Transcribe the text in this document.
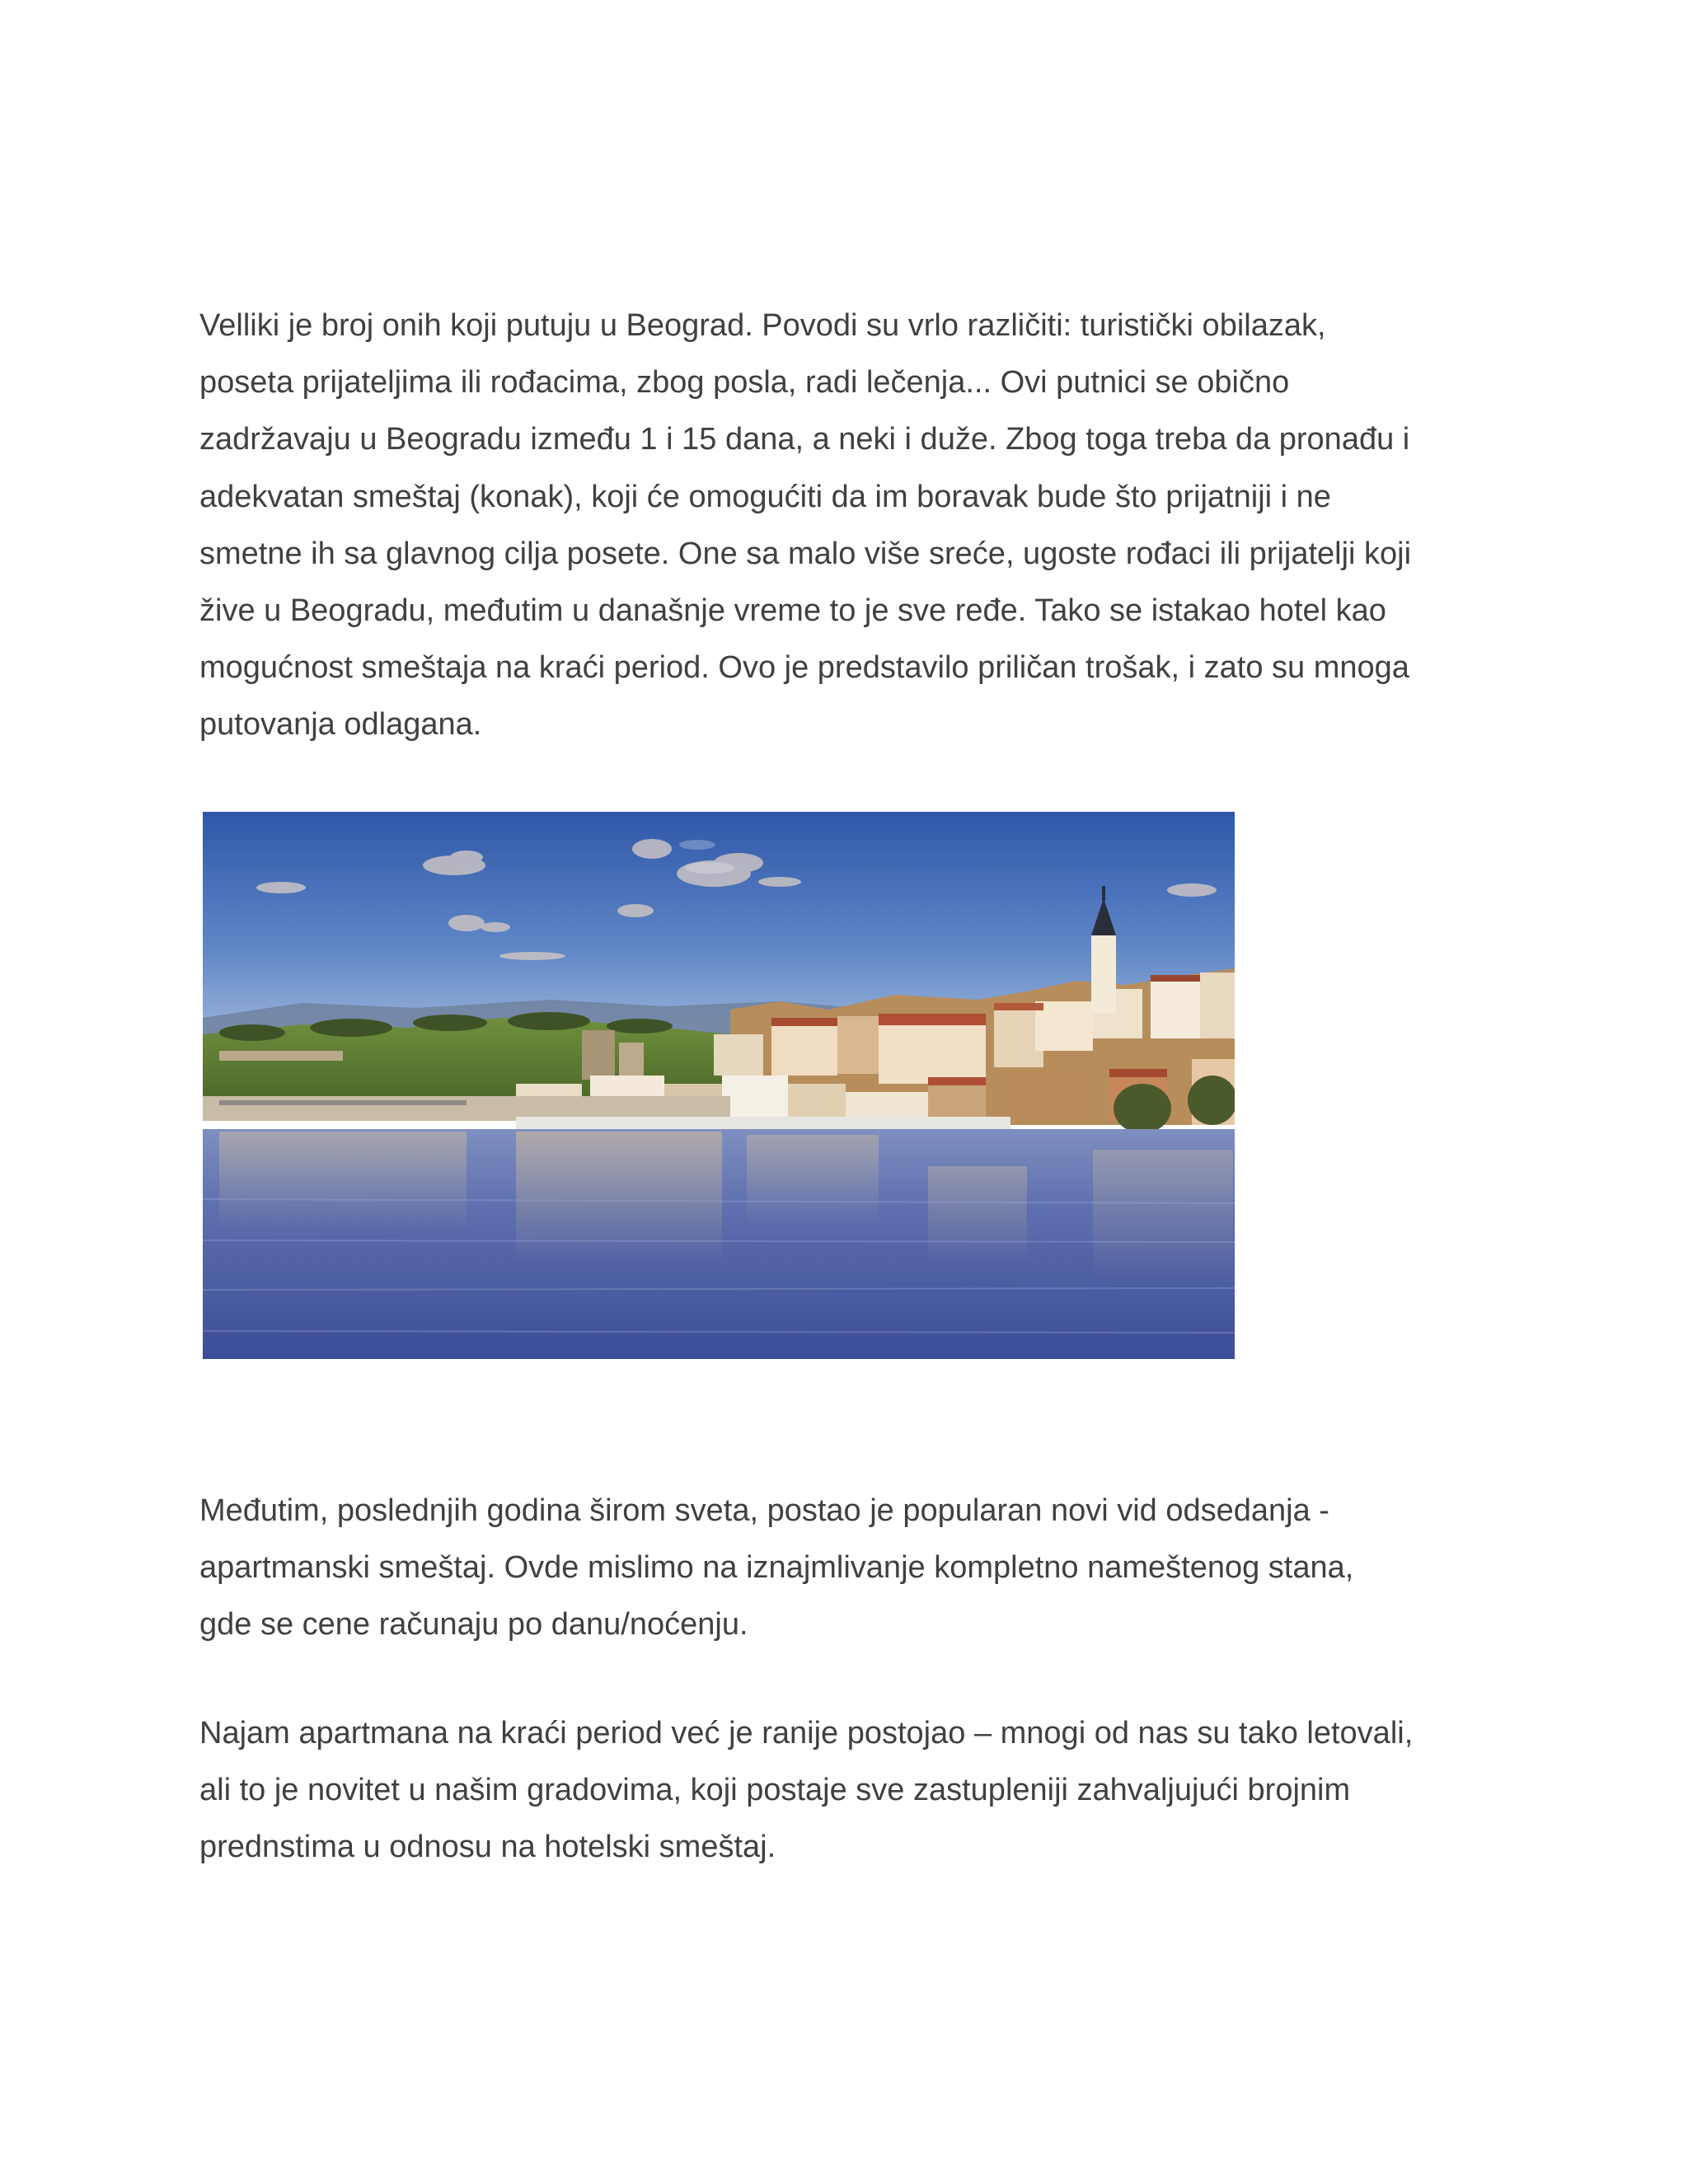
Velliki je broj onih koji putuju u Beograd. Povodi su vrlo različiti: turistički obilazak,
poseta prijateljima ili rođacima, zbog posla, radi lečenja... Ovi putnici se obično
zadržavaju u Beogradu između 1 i 15 dana, a neki i duže. Zbog toga treba da pronađu i
adekvatan smeštaj (konak), koji će omogućiti da im boravak bude što prijatniji i ne
smetne ih sa glavnog cilja posete. One sa malo više sreće, ugoste rođaci ili prijatelji koji
žive u Beogradu, međutim u današnje vreme to je sve ređe. Tako se istakao hotel kao
mogućnost smeštaja na kraći period. Ovo je predstavilo priličan trošak, i zato su mnoga
putovanja odlagana.

Međutim, poslednjih godina širom sveta, postao je popularan novi vid odsedanja -
apartmanski smeštaj. Ovde mislimo na iznajmlivanje kompletno nameštenog stana,
gde se cene računaju po danu/noćenju.

Najam apartmana na kraći period već je ranije postojao – mnogi od nas su tako letovali,
ali to je novitet u našim gradovima, koji postaje sve zastupleniji zahvaljujući brojnim
prednstima u odnosu na hotelski smeštaj.
